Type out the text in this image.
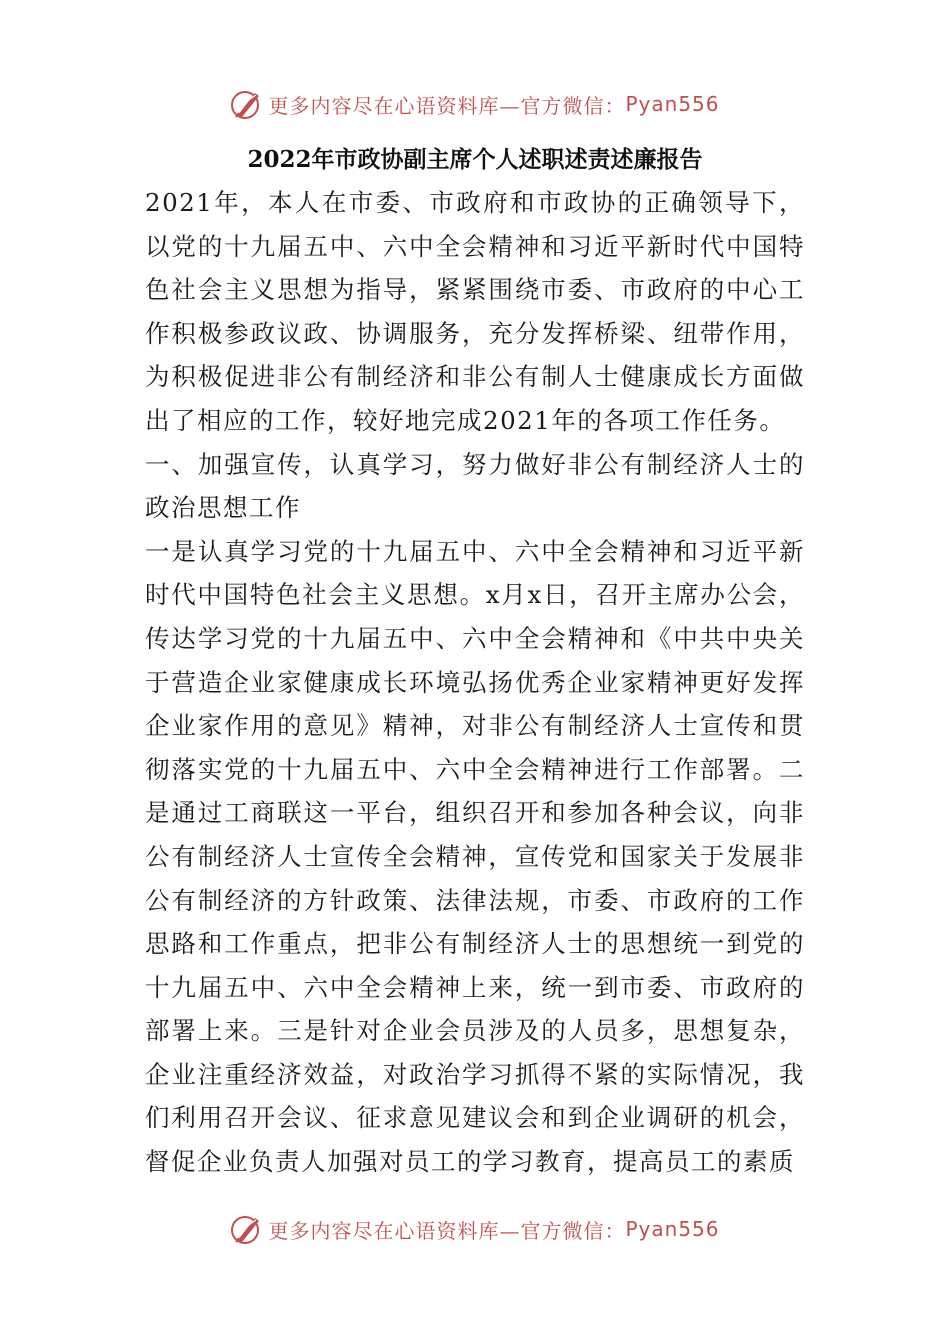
更多内容尽在心语资料库—官方微信： Pyan556
2022年市政协副主席个人述职述责述廉报告

2021年，本人在市委、市政府和市政协的正确领导下，以党的十九届五中、六中全会精神和习近平新时代中国特色社会主义思想为指导，紧紧围绕市委、市政府的中心工作积极参政议政、协调服务，充分发挥桥梁、纽带作用，为积极促进非公有制经济和非公有制人士健康成长方面做出了相应的工作，较好地完成2021年的各项工作任务。

一、加强宣传，认真学习，努力做好非公有制经济人士的政治思想工作

一是认真学习党的十九届五中、六中全会精神和习近平新时代中国特色社会主义思想。x月x日，召开主席办公会，传达学习党的十九届五中、六中全会精神和《中共中央关于营造企业家健康成长环境弘扬优秀企业家精神更好发挥企业家作用的意见》精神，对非公有制经济人士宣传和贯彻落实党的十九届五中、六中全会精神进行工作部署。二是通过工商联这一平台，组织召开和参加各种会议，向非公有制经济人士宣传全会精神，宣传党和国家关于发展非公有制经济的方针政策、法律法规，市委、市政府的工作思路和工作重点，把非公有制经济人士的思想统一到党的十九届五中、六中全会精神上来，统一到市委、市政府的部署上来。三是针对企业会员涉及的人员多，思想复杂，企业注重经济效益，对政治学习抓得不紧的实际情况，我们利用召开会议、征求意见建议会和到企业调研的机会，督促企业负责人加强对员工的学习教育，提高员工的素质

更多内容尽在心语资料库—官方微信： Pyan556
